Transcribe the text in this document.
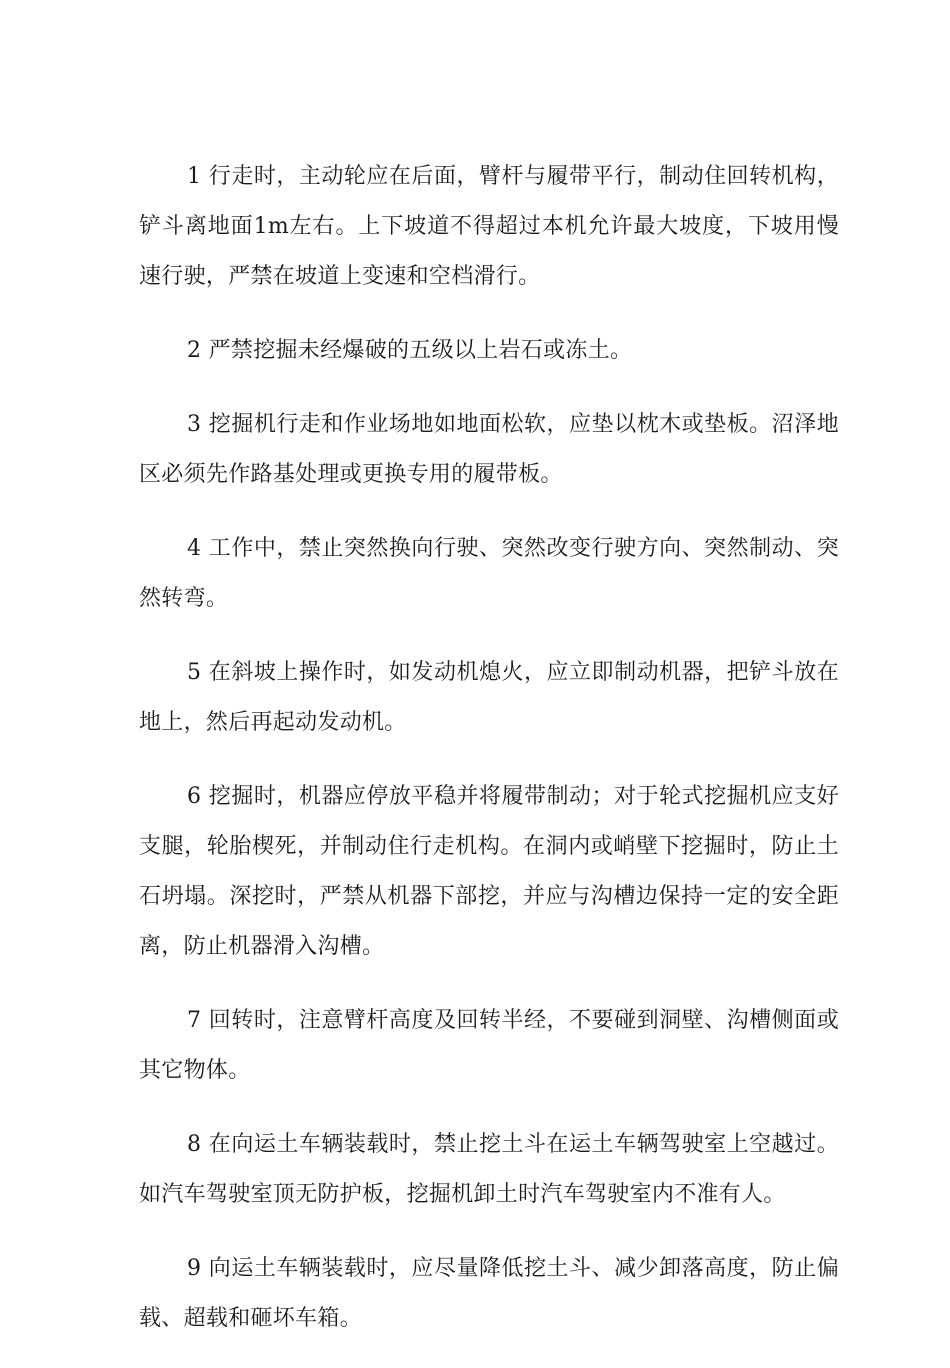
1 行走时，主动轮应在后面，臂杆与履带平行，制动住回转机构，铲斗离地面1m左右。上下坡道不得超过本机允许最大坡度，下坡用慢速行驶，严禁在坡道上变速和空档滑行。

2 严禁挖掘未经爆破的五级以上岩石或冻土。

3 挖掘机行走和作业场地如地面松软，应垫以枕木或垫板。沼泽地区必须先作路基处理或更换专用的履带板。

4 工作中，禁止突然换向行驶、突然改变行驶方向、突然制动、突然转弯。

5 在斜坡上操作时，如发动机熄火，应立即制动机器，把铲斗放在地上，然后再起动发动机。

6 挖掘时，机器应停放平稳并将履带制动；对于轮式挖掘机应支好支腿，轮胎楔死，并制动住行走机构。在洞内或峭壁下挖掘时，防止土石坍塌。深挖时，严禁从机器下部挖，并应与沟槽边保持一定的安全距离，防止机器滑入沟槽。

7 回转时，注意臂杆高度及回转半经，不要碰到洞壁、沟槽侧面或其它物体。

8 在向运土车辆装载时，禁止挖土斗在运土车辆驾驶室上空越过。如汽车驾驶室顶无防护板，挖掘机卸土时汽车驾驶室内不准有人。

9 向运土车辆装载时，应尽量降低挖土斗、减少卸落高度，防止偏载、超载和砸坏车箱。
